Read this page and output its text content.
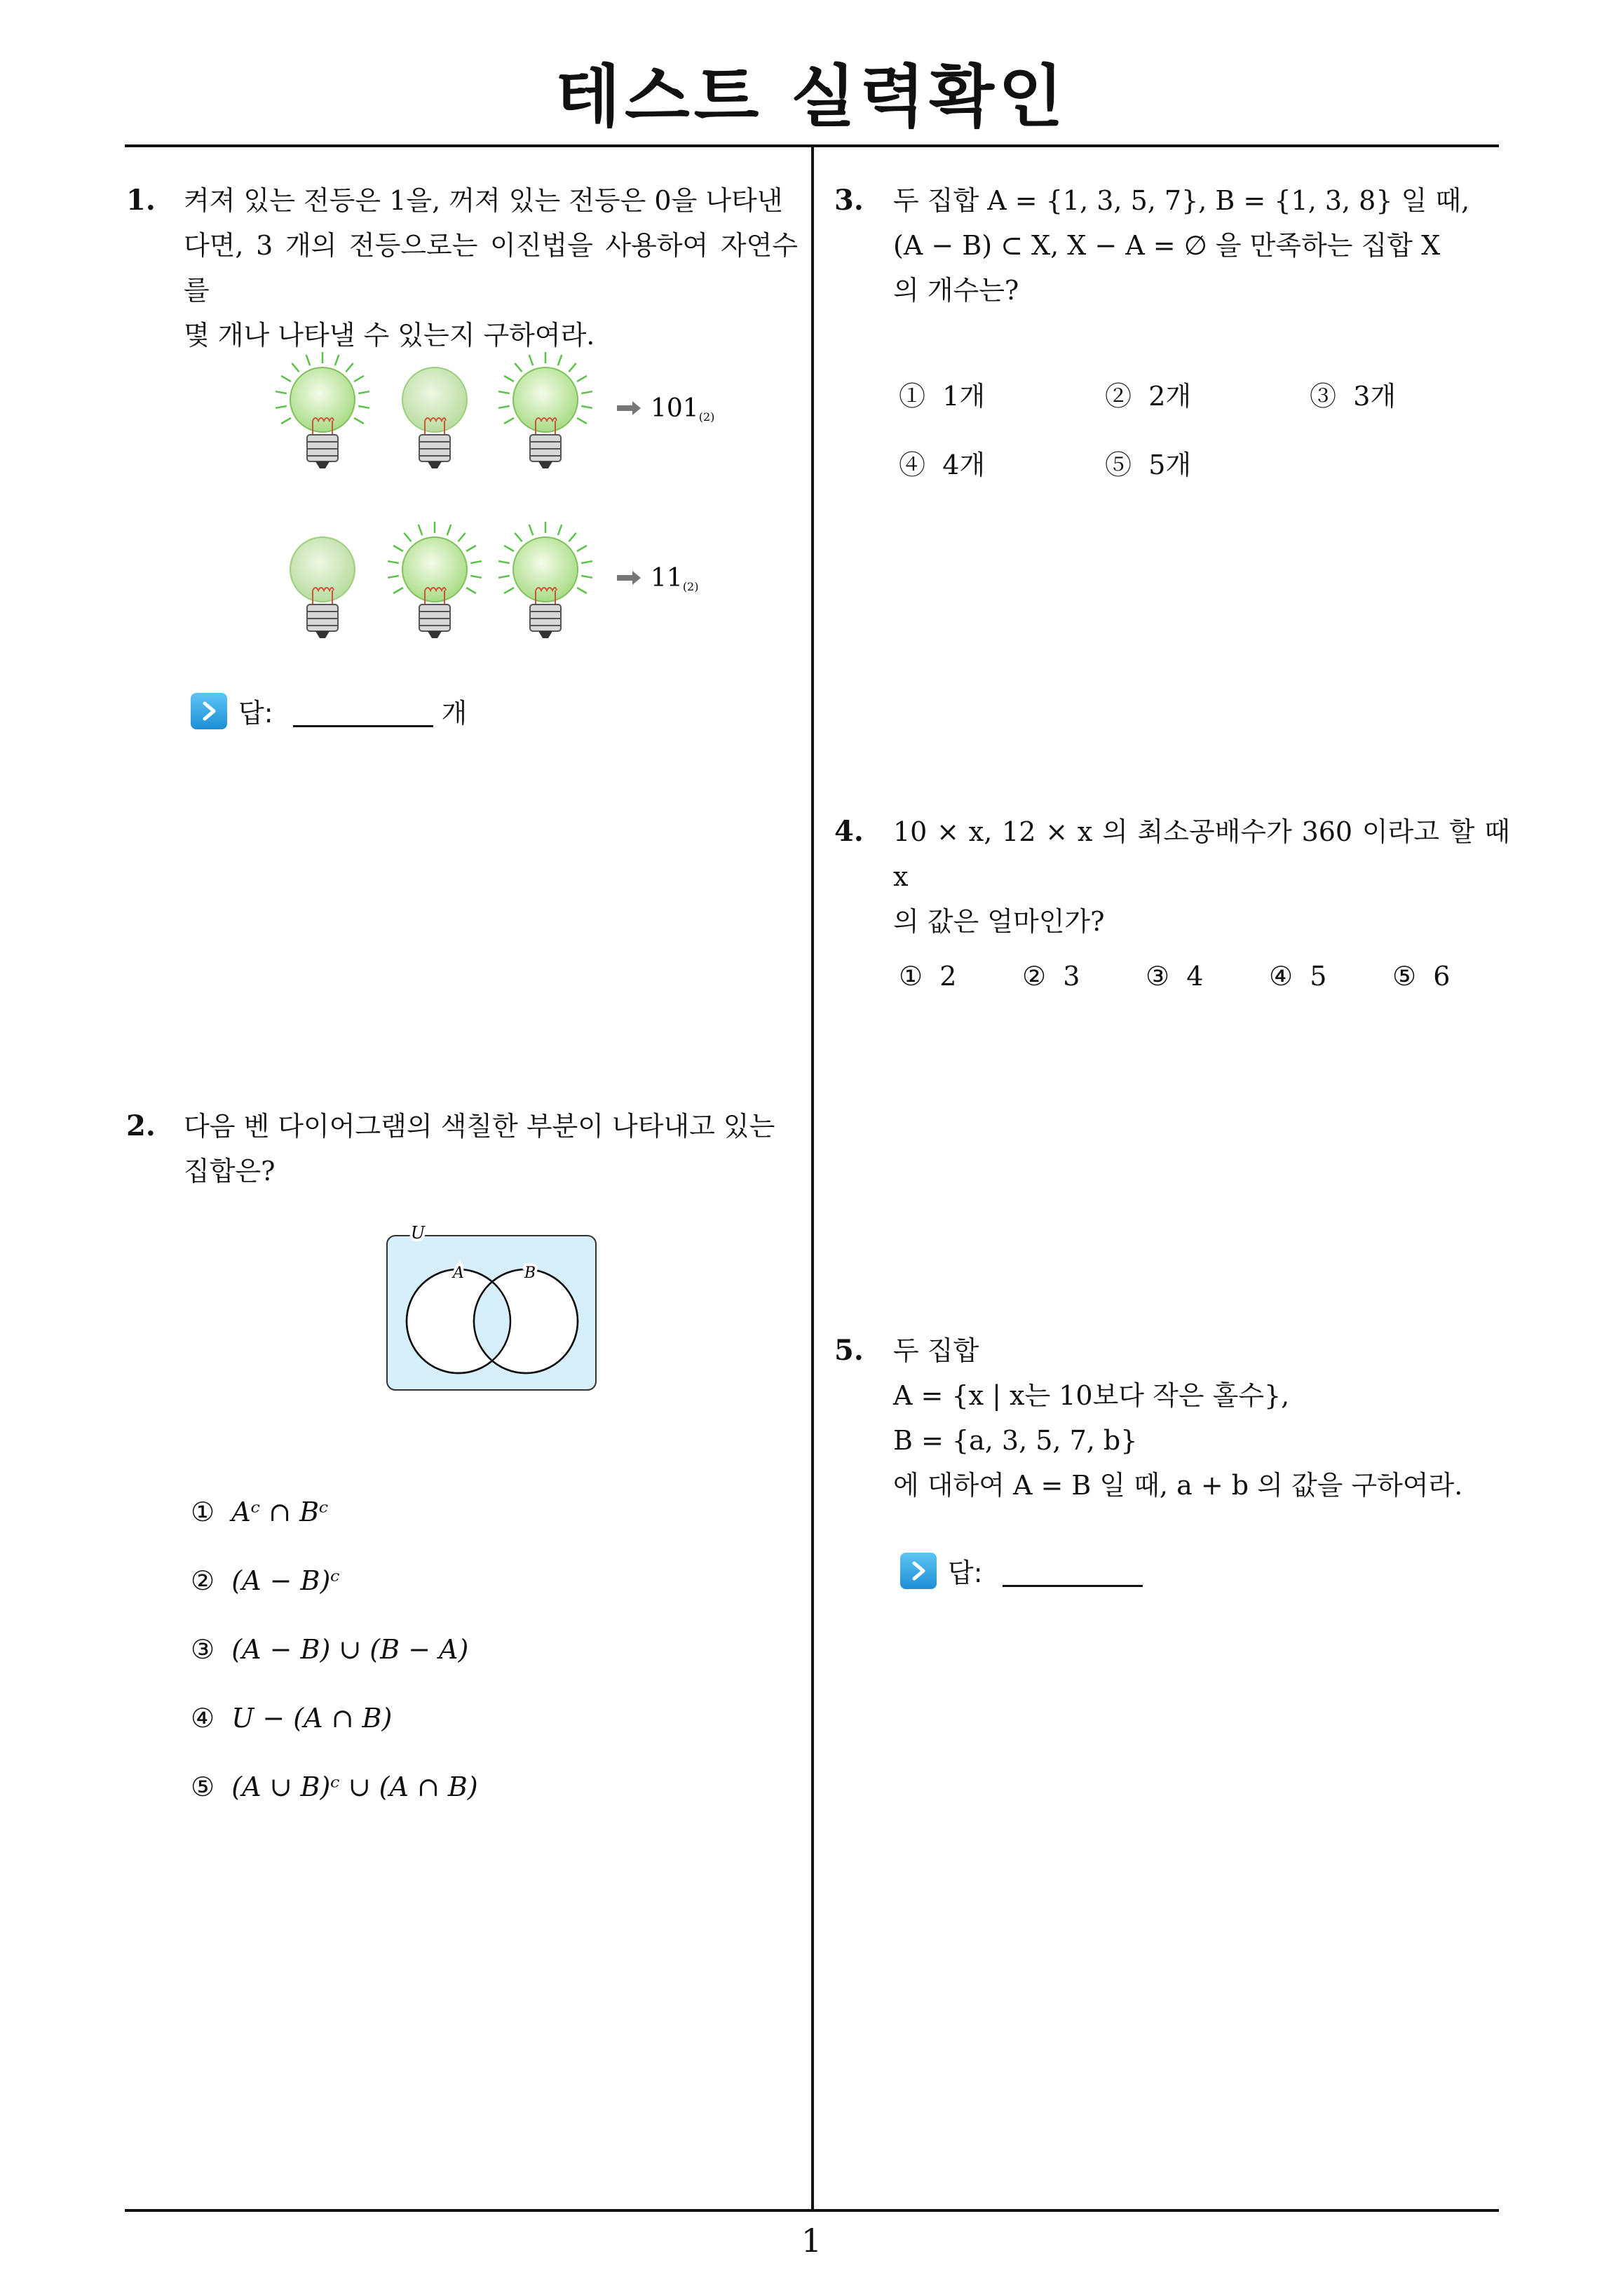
테스트 실력확인
1. 켜져 있는 전등은 1을, 꺼져 있는 전등은 0을 나타낸
다면, 3 개의 전등으로는 이진법을 사용하여 자연수를
몇 개나 나타낼 수 있는지 구하여라.
101(2)
11(2)
답:	개
2. 다음 벤 다이어그램의 색칠한 부분이 나타내고 있는
집합은?
U
A	B
① Aᶜ ∩ Bᶜ
② (A − B)ᶜ
③ (A − B) ∪ (B − A)
④ U − (A ∩ B)
⑤ (A ∪ B)ᶜ ∪ (A ∩ B)
3. 두 집합 A = {1, 3, 5, 7}, B = {1, 3, 8} 일 때,
(A − B) ⊂ X, X − A = ∅ 을 만족하는 집합 X
의 개수는?
① 1개	② 2개	③ 3개
④ 4개	⑤ 5개
4. 10 × x, 12 × x 의 최소공배수가 360 이라고 할 때 x
의 값은 얼마인가?
① 2 ② 3 ③ 4 ④ 5 ⑤ 6
5. 두 집합
A = {x | x는 10보다 작은 홀수},
B = {a, 3, 5, 7, b}
에 대하여 A = B 일 때, a + b 의 값을 구하여라.
답:
1
